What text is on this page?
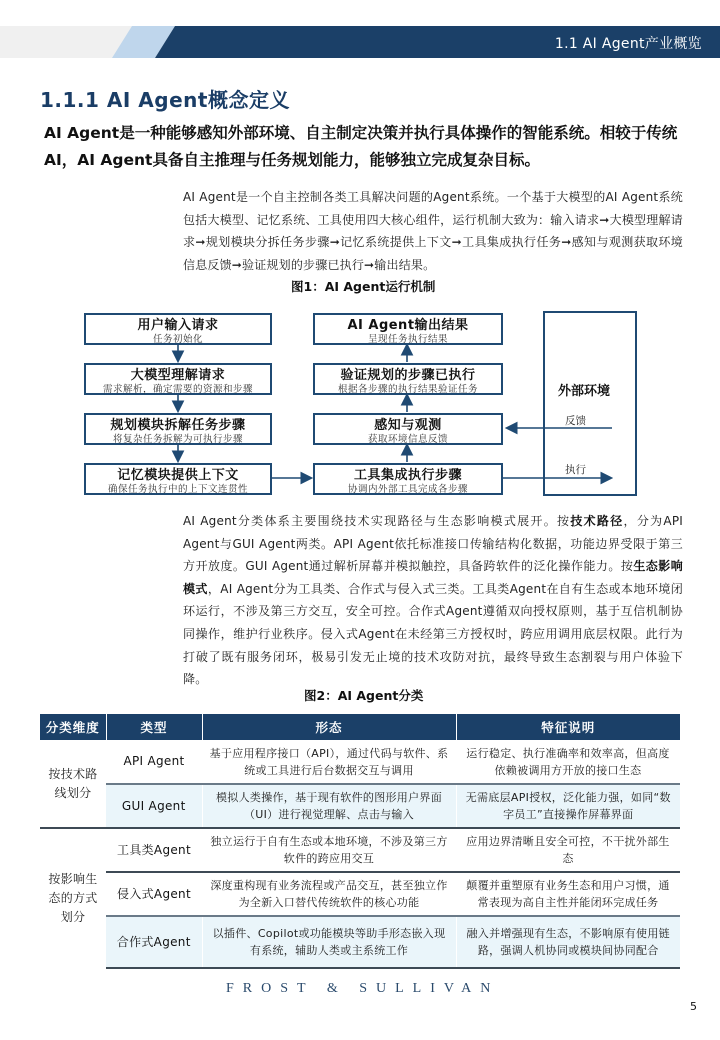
1.1 AI Agent产业概览
1.1.1 AI Agent概念定义
AI Agent是一种能够感知外部环境、自主制定决策并执行具体操作的智能系统。相较于传统AI，AI Agent具备自主推理与任务规划能力，能够独立完成复杂目标。
AI Agent是一个自主控制各类工具解决问题的Agent系统。一个基于大模型的AI Agent系统包括大模型、记忆系统、工具使用四大核心组件，运行机制大致为：输入请求➞大模型理解请求➞规划模块分拆任务步骤➞记忆系统提供上下文➞工具集成执行任务➞感知与观测获取环境信息反馈➞验证规划的步骤已执行➞输出结果。
图1：AI Agent运行机制
用户输入请求
任务初始化
大模型理解请求
需求解析，确定需要的资源和步骤
规划模块拆解任务步骤
将复杂任务拆解为可执行步骤
记忆模块提供上下文
确保任务执行中的上下文连贯性
AI Agent输出结果
呈现任务执行结果
验证规划的步骤已执行
根据各步骤的执行结果验证任务
感知与观测
获取环境信息反馈
工具集成执行步骤
协调内外部工具完成各步骤
外部环境
反馈
执行
AI Agent分类体系主要围绕技术实现路径与生态影响模式展开。按技术路径，分为API Agent与GUI Agent两类。API Agent依托标准接口传输结构化数据，功能边界受限于第三方开放度。GUI Agent通过解析屏幕并模拟触控，具备跨软件的泛化操作能力。按生态影响模式，AI Agent分为工具类、合作式与侵入式三类。工具类Agent在自有生态或本地环境闭环运行，不涉及第三方交互，安全可控。合作式Agent遵循双向授权原则，基于互信机制协同操作，维护行业秩序。侵入式Agent在未经第三方授权时，跨应用调用底层权限。此行为打破了既有服务闭环，极易引发无止境的技术攻防对抗，最终导致生态割裂与用户体验下降。
图2：AI Agent分类
分类维度	类型	形态	特征说明
按技术路线划分	API Agent	基于应用程序接口（API），通过代码与软件、系统或工具进行后台数据交互与调用	运行稳定、执行准确率和效率高，但高度依赖被调用方开放的接口生态
	GUI Agent	模拟人类操作，基于现有软件的图形用户界面（UI）进行视觉理解、点击与输入	无需底层API授权，泛化能力强，如同“数字员工”直接操作屏幕界面
按影响生态的方式划分	工具类Agent	独立运行于自有生态或本地环境，不涉及第三方软件的跨应用交互	应用边界清晰且安全可控，不干扰外部生态
	侵入式Agent	深度重构现有业务流程或产品交互，甚至独立作为全新入口替代传统软件的核心功能	颠覆并重塑原有业务生态和用户习惯，通常表现为高自主性并能闭环完成任务
	合作式Agent	以插件、Copilot或功能模块等助手形态嵌入现有系统，辅助人类或主系统工作	融入并增强现有生态，不影响原有使用链路，强调人机协同或模块间协同配合
FROST & SULLIVAN
5
